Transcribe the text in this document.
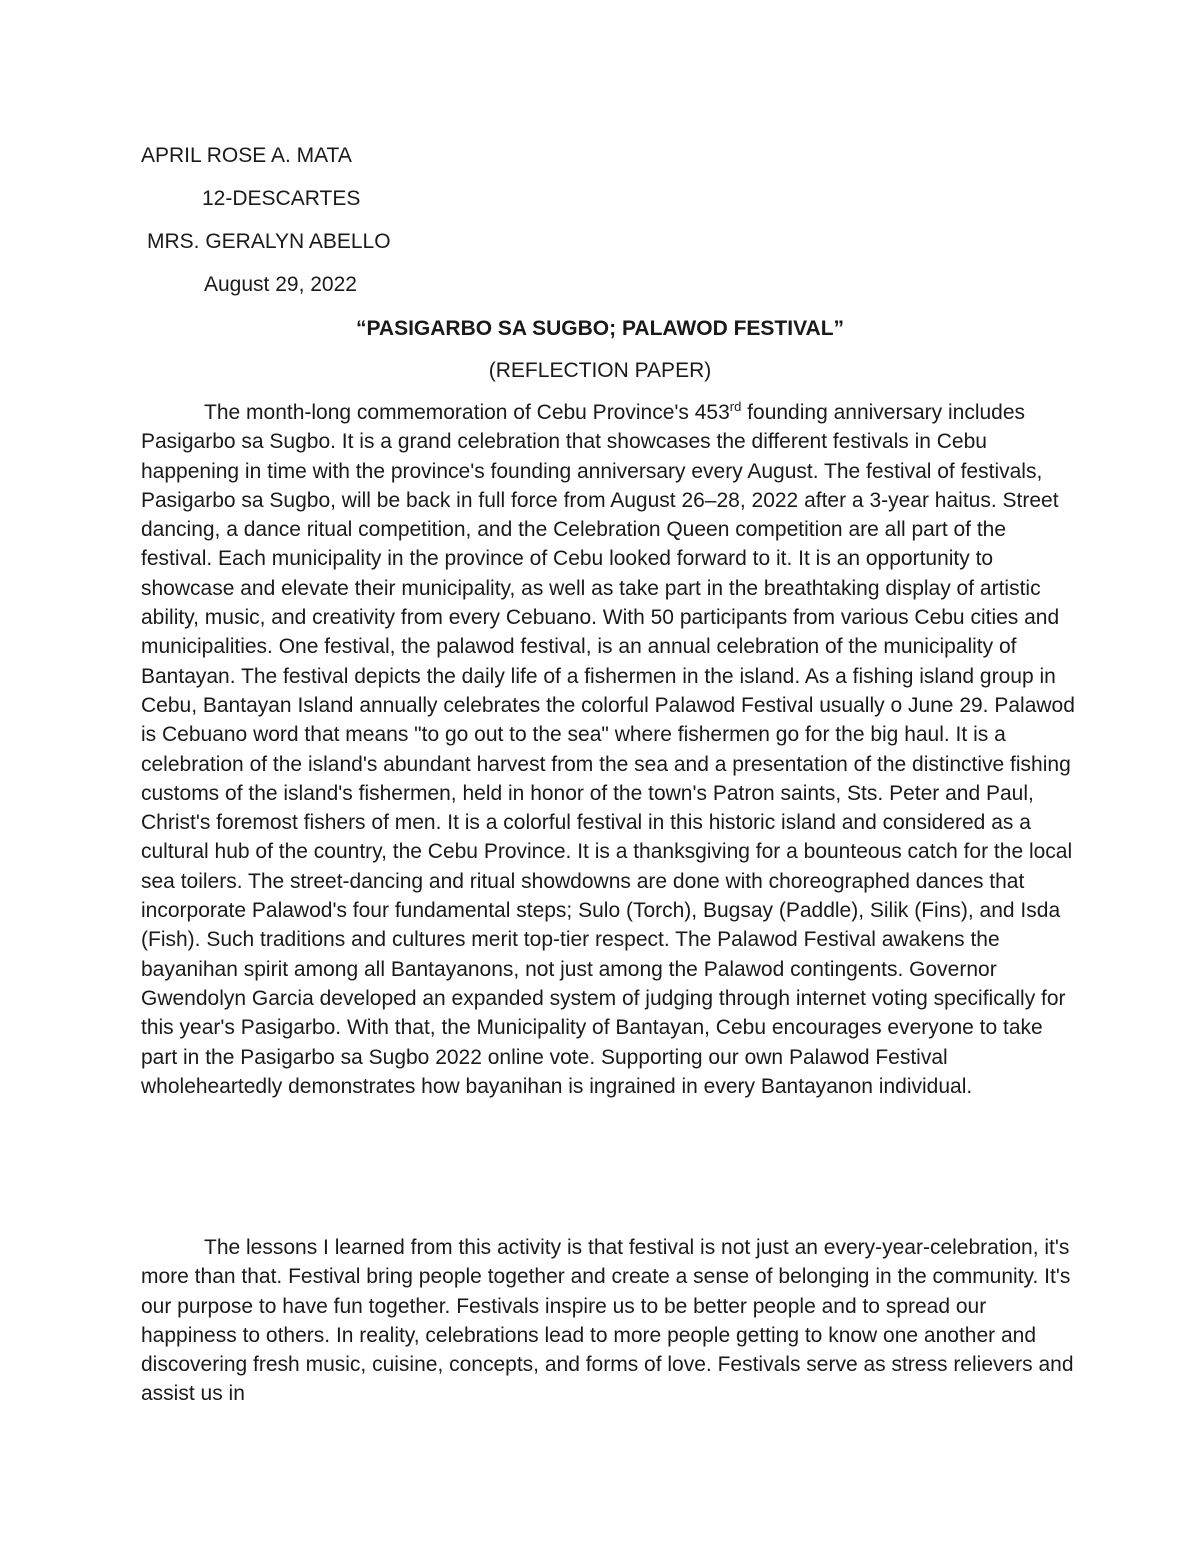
APRIL ROSE A. MATA

12-DESCARTES

MRS. GERALYN ABELLO

August 29, 2022

“PASIGARBO SA SUGBO; PALAWOD FESTIVAL”

(REFLECTION PAPER)

The month-long commemoration of Cebu Province's 453rd founding anniversary includes Pasigarbo sa Sugbo. It is a grand celebration that showcases the different festivals in Cebu happening in time with the province's founding anniversary every August. The festival of festivals, Pasigarbo sa Sugbo, will be back in full force from August 26–28, 2022 after a 3-year haitus. Street dancing, a dance ritual competition, and the Celebration Queen competition are all part of the festival. Each municipality in the province of Cebu looked forward to it. It is an opportunity to showcase and elevate their municipality, as well as take part in the breathtaking display of artistic ability, music, and creativity from every Cebuano. With 50 participants from various Cebu cities and municipalities. One festival, the palawod festival, is an annual celebration of the municipality of Bantayan. The festival depicts the daily life of a fishermen in the island. As a fishing island group in Cebu, Bantayan Island annually celebrates the colorful Palawod Festival usually o June 29. Palawod is Cebuano word that means "to go out to the sea" where fishermen go for the big haul. It is a celebration of the island's abundant harvest from the sea and a presentation of the distinctive fishing customs of the island's fishermen, held in honor of the town's Patron saints, Sts. Peter and Paul, Christ's foremost fishers of men. It is a colorful festival in this historic island and considered as a cultural hub of the country, the Cebu Province. It is a thanksgiving for a bounteous catch for the local sea toilers. The street-dancing and ritual showdowns are done with choreographed dances that incorporate Palawod's four fundamental steps; Sulo (Torch), Bugsay (Paddle), Silik (Fins), and Isda (Fish). Such traditions and cultures merit top-tier respect. The Palawod Festival awakens the bayanihan spirit among all Bantayanons, not just among the Palawod contingents. Governor Gwendolyn Garcia developed an expanded system of judging through internet voting specifically for this year's Pasigarbo. With that, the Municipality of Bantayan, Cebu encourages everyone to take part in the Pasigarbo sa Sugbo 2022 online vote. Supporting our own Palawod Festival wholeheartedly demonstrates how bayanihan is ingrained in every Bantayanon individual.

The lessons I learned from this activity is that festival is not just an every-year-celebration, it's more than that. Festival bring people together and create a sense of belonging in the community. It's our purpose to have fun together. Festivals inspire us to be better people and to spread our happiness to others. In reality, celebrations lead to more people getting to know one another and discovering fresh music, cuisine, concepts, and forms of love. Festivals serve as stress relievers and assist us in
